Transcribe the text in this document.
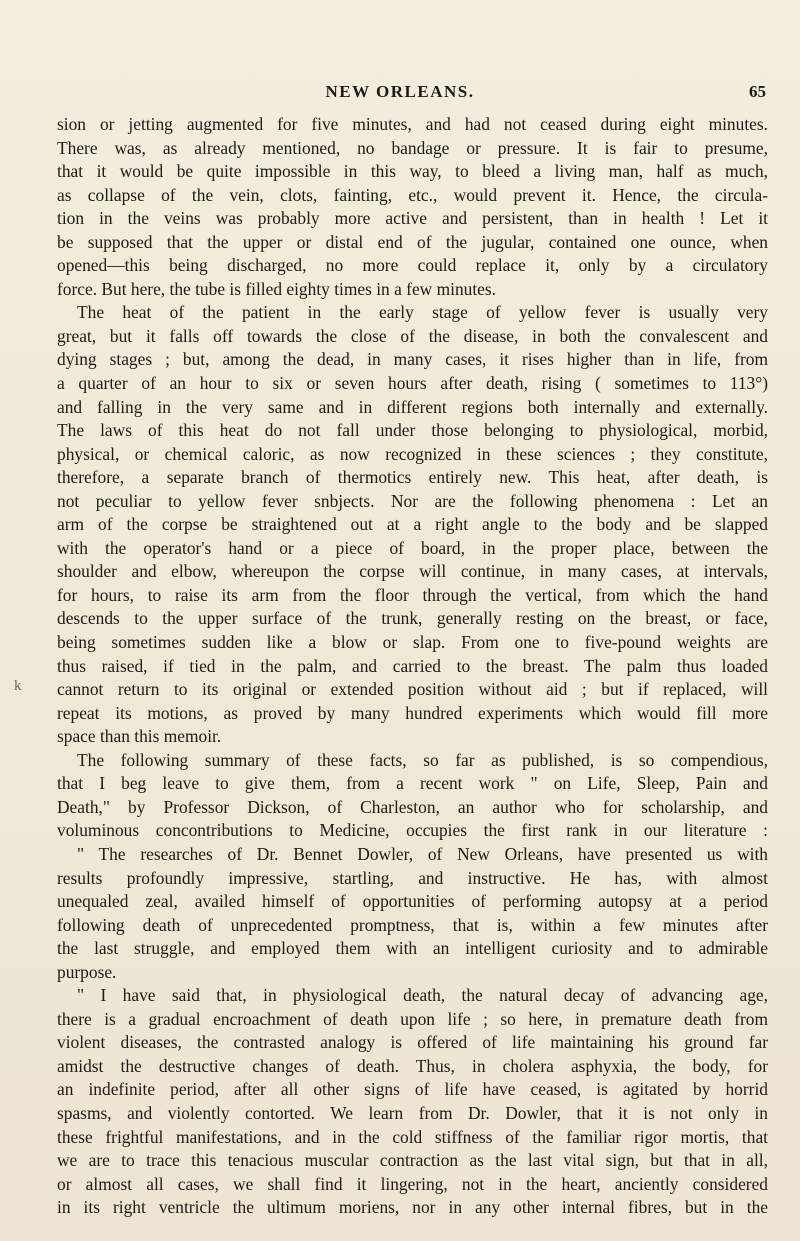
NEW ORLEANS.	65
k
sion or jetting augmented for five minutes, and had not ceased during eight minutes.
There was, as already mentioned, no bandage or pressure. It is fair to presume,
that it would be quite impossible in this way, to bleed a living man, half as much,
as collapse of the vein, clots, fainting, etc., would prevent it. Hence, the circula-
tion in the veins was probably more active and persistent, than in health ! Let it
be supposed that the upper or distal end of the jugular, contained one ounce, when
opened—this being discharged, no more could replace it, only by a circulatory
force. But here, the tube is filled eighty times in a few minutes.
The heat of the patient in the early stage of yellow fever is usually very
great, but it falls off towards the close of the disease, in both the convalescent and
dying stages ; but, among the dead, in many cases, it rises higher than in life, from
a quarter of an hour to six or seven hours after death, rising ( sometimes to 113°)
and falling in the very same and in different regions both internally and externally.
The laws of this heat do not fall under those belonging to physiological, morbid,
physical, or chemical caloric, as now recognized in these sciences ; they constitute,
therefore, a separate branch of thermotics entirely new. This heat, after death, is
not peculiar to yellow fever snbjects. Nor are the following phenomena : Let an
arm of the corpse be straightened out at a right angle to the body and be slapped
with the operator's hand or a piece of board, in the proper place, between the
shoulder and elbow, whereupon the corpse will continue, in many cases, at intervals,
for hours, to raise its arm from the floor through the vertical, from which the hand
descends to the upper surface of the trunk, generally resting on the breast, or face,
being sometimes sudden like a blow or slap. From one to five-pound weights are
thus raised, if tied in the palm, and carried to the breast. The palm thus loaded
cannot return to its original or extended position without aid ; but if replaced, will
repeat its motions, as proved by many hundred experiments which would fill more
space than this memoir.
The following summary of these facts, so far as published, is so compendious,
that I beg leave to give them, from a recent work " on Life, Sleep, Pain and
Death," by Professor Dickson, of Charleston, an author who for scholarship, and
voluminous concontributions to Medicine, occupies the first rank in our literature :
" The researches of Dr. Bennet Dowler, of New Orleans, have presented us with
results profoundly impressive, startling, and instructive. He has, with almost
unequaled zeal, availed himself of opportunities of performing autopsy at a period
following death of unprecedented promptness, that is, within a few minutes after
the last struggle, and employed them with an intelligent curiosity and to admirable
purpose.
" I have said that, in physiological death, the natural decay of advancing age,
there is a gradual encroachment of death upon life ; so here, in premature death from
violent diseases, the contrasted analogy is offered of life maintaining his ground far
amidst the destructive changes of death. Thus, in cholera asphyxia, the body, for
an indefinite period, after all other signs of life have ceased, is agitated by horrid
spasms, and violently contorted. We learn from Dr. Dowler, that it is not only in
these frightful manifestations, and in the cold stiffness of the familiar rigor mortis, that
we are to trace this tenacious muscular contraction as the last vital sign, but that in all,
or almost all cases, we shall find it lingering, not in the heart, anciently considered
in its right ventricle the ultimum moriens, nor in any other internal fibres, but in the
